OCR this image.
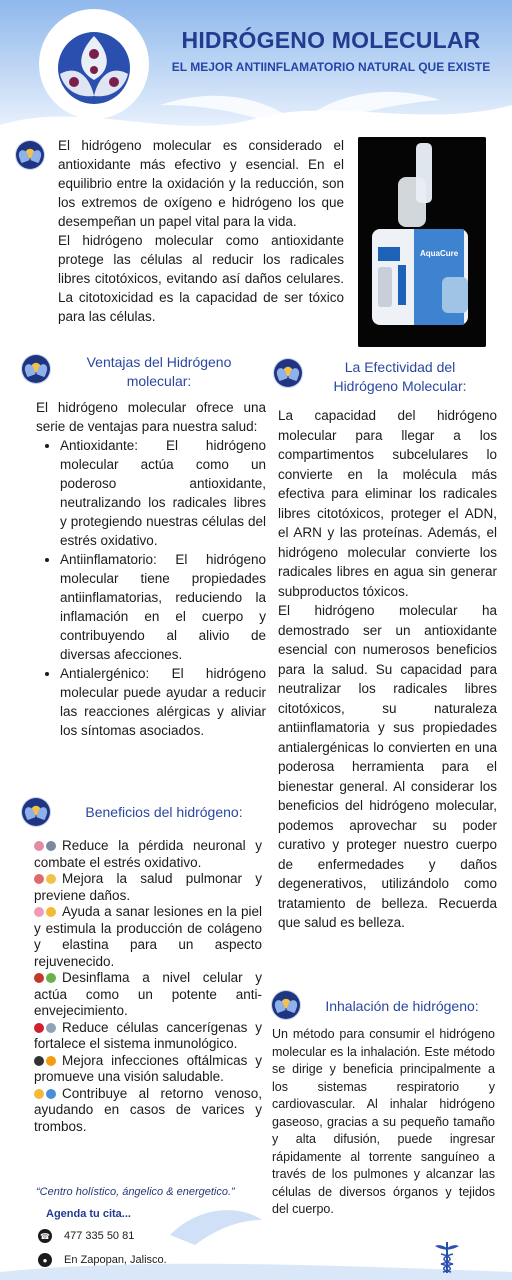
HIDRÓGENO MOLECULAR
EL MEJOR ANTIINFLAMATORIO NATURAL QUE EXISTE

El hidrógeno molecular es considerado el antioxidante más efectivo y esencial. En el equilibrio entre la oxidación y la reducción, son los extremos de oxígeno e hidrógeno los que desempeñan un papel vital para la vida.

El hidrógeno molecular como antioxidante protege las células al reducir los radicales libres citotóxicos, evitando así daños celulares. La citotoxicidad es la capacidad de ser tóxico para las células.

AquaCure
Ventajas del Hidrógeno molecular:

El hidrógeno molecular ofrece una serie de ventajas para nuestra salud:

• Antioxidante: El hidrógeno molecular actúa como un poderoso antioxidante, neutralizando los radicales libres y protegiendo nuestras células del estrés oxidativo.
• Antiinflamatorio: El hidrógeno molecular tiene propiedades antiinflamatorias, reduciendo la inflamación en el cuerpo y contribuyendo al alivio de diversas afecciones.
• Antialergénico: El hidrógeno molecular puede ayudar a reducir las reacciones alérgicas y aliviar los síntomas asociados.
La Efectividad del Hidrógeno Molecular:

La capacidad del hidrógeno molecular para llegar a los compartimentos subcelulares lo convierte en la molécula más efectiva para eliminar los radicales libres citotóxicos, proteger el ADN, el ARN y las proteínas. Además, el hidrógeno molecular convierte los radicales libres en agua sin generar subproductos tóxicos.

El hidrógeno molecular ha demostrado ser un antioxidante esencial con numerosos beneficios para la salud. Su capacidad para neutralizar los radicales libres citotóxicos, su naturaleza antiinflamatoria y sus propiedades antialergénicas lo convierten en una poderosa herramienta para el bienestar general. Al considerar los beneficios del hidrógeno molecular, podemos aprovechar su poder curativo y proteger nuestro cuerpo de enfermedades y daños degenerativos, utilizándolo como tratamiento de belleza. Recuerda que salud es belleza.

Beneficios del hidrógeno:

Reduce la pérdida neuronal y combate el estrés oxidativo.

Mejora la salud pulmonar y previene daños.

Ayuda a sanar lesiones en la piel y estimula la producción de colágeno y elastina para un aspecto rejuvenecido.

Desinflama a nivel celular y actúa como un potente anti-envejecimiento.

Reduce células cancerígenas y fortalece el sistema inmunológico.

Mejora infecciones oftálmicas y promueve una visión saludable.

Contribuye al retorno venoso, ayudando en casos de varices y trombos.

Inhalación de hidrógeno:
Un método para consumir el hidrógeno molecular es la inhalación. Este método se dirige y beneficia principalmente a los sistemas respiratorio y cardiovascular. Al inhalar hidrógeno gaseoso, gracias a su pequeño tamaño y alta difusión, puede ingresar rápidamente al torrente sanguíneo a través de los pulmones y alcanzar las células de diversos órganos y tejidos del cuerpo.
“Centro holístico, ángelico & energetico.”
Agenda tu cita...
☎ 477 335 50 81
●	En Zapopan, Jalisco.
